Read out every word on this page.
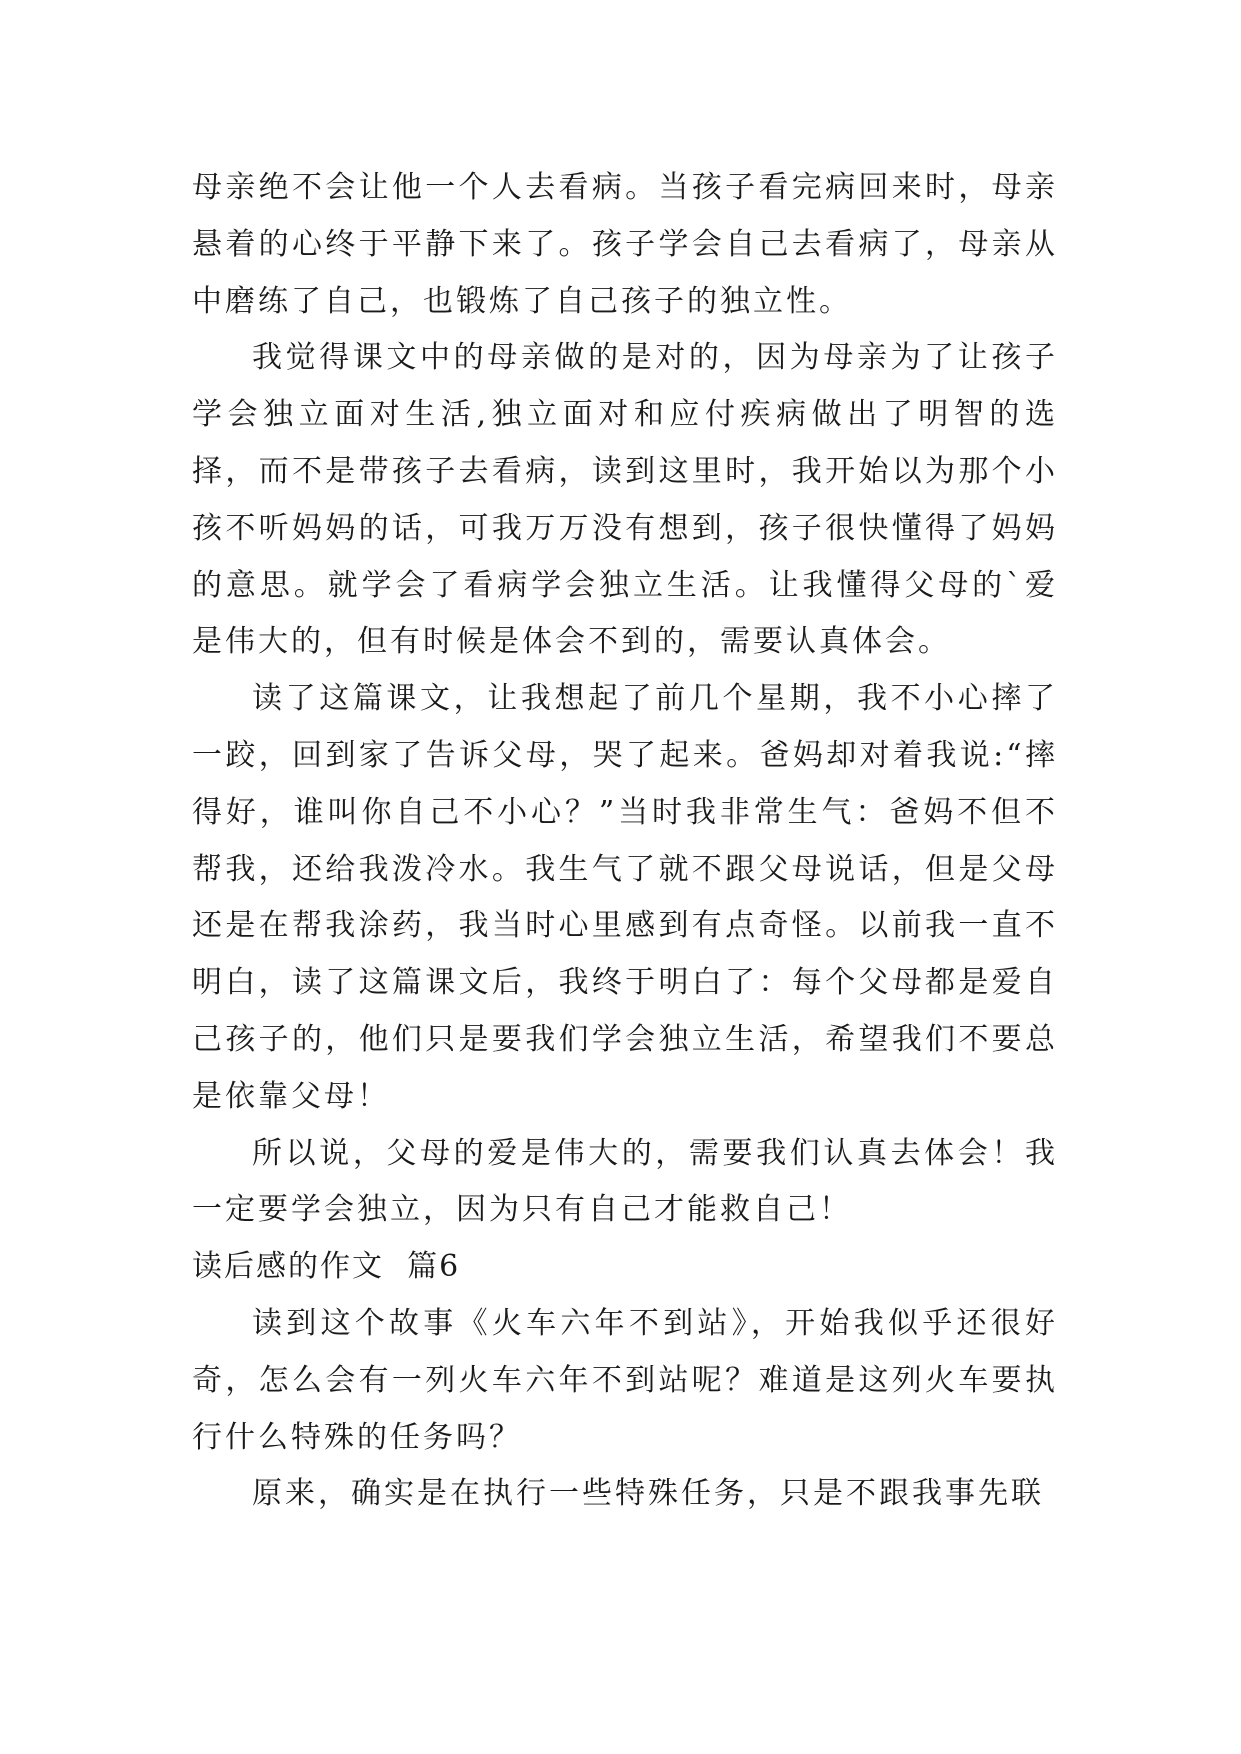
母亲绝不会让他一个人去看病。当孩子看完病回来时，母亲悬着的心终于平静下来了。孩子学会自己去看病了，母亲从中磨练了自己，也锻炼了自己孩子的独立性。

我觉得课文中的母亲做的是对的，因为母亲为了让孩子学会独立面对生活,独立面对和应付疾病做出了明智的选择，而不是带孩子去看病，读到这里时，我开始以为那个小孩不听妈妈的话，可我万万没有想到，孩子很快懂得了妈妈的意思。就学会了看病学会独立生活。让我懂得父母的`爱是伟大的，但有时候是体会不到的，需要认真体会。

读了这篇课文，让我想起了前几个星期，我不小心摔了一跤，回到家了告诉父母，哭了起来。爸妈却对着我说:“摔得好，谁叫你自己不小心？”当时我非常生气：爸妈不但不帮我，还给我泼冷水。我生气了就不跟父母说话，但是父母还是在帮我涂药，我当时心里感到有点奇怪。以前我一直不明白，读了这篇课文后，我终于明白了：每个父母都是爱自己孩子的，他们只是要我们学会独立生活，希望我们不要总是依靠父母！

所以说，父母的爱是伟大的，需要我们认真去体会！我一定要学会独立，因为只有自己才能救自己！

读后感的作文  篇6

读到这个故事《火车六年不到站》，开始我似乎还很好奇，怎么会有一列火车六年不到站呢？难道是这列火车要执行什么特殊的任务吗？

原来，确实是在执行一些特殊任务，只是不跟我事先联
